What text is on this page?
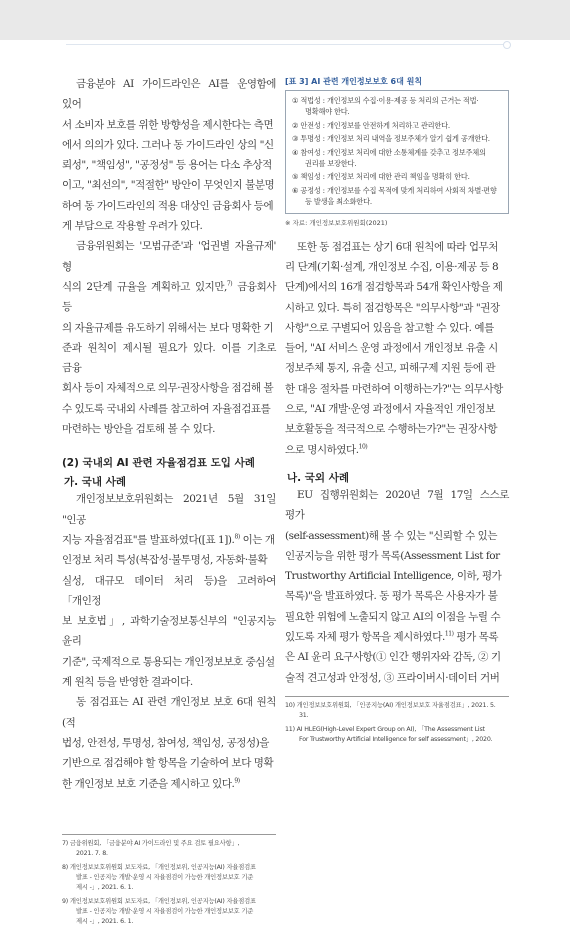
금융분야 AI 가이드라인은 AI를 운영함에 있어
서 소비자 보호를 위한 방향성을 제시한다는 측면
에서 의의가 있다. 그러나 동 가이드라인 상의 "신
뢰성", "책임성", "공정성" 등 용어는 다소 추상적
이고, "최선의", "적절한" 방안이 무엇인지 불분명
하여 동 가이드라인의 적용 대상인 금융회사 등에
게 부담으로 작용할 우려가 있다.

금융위원회는 '모범규준'과 '업권별 자율규제' 형
식의 2단계 규율을 계획하고 있지만,$^{7)}$ 금융회사 등
의 자율규제를 유도하기 위해서는 보다 명확한 기
준과 원칙이 제시될 필요가 있다. 이를 기초로 금융
회사 등이 자체적으로 의무·권장사항을 점검해 볼
수 있도록 국내외 사례를 참고하여 자율점검표를
마련하는 방안을 검토해 볼 수 있다.

(2) 국내외 AI 관련 자율점검표 도입 사례
가. 국내 사례

개인정보보호위원회는 2021년 5월 31일 "인공
지능 자율점검표"를 발표하였다([표 1]).$^{8)}$ 이는 개
인정보 처리 특성(복잡성·불투명성, 자동화·불확
실성, 대규모 데이터 처리 등)을 고려하여 「개인정
보 보호법」, 과학기술정보통신부의 "인공지능 윤리
기준", 국제적으로 통용되는 개인정보보호 중심설
계 원칙 등을 반영한 결과이다.

동 점검표는 AI 관련 개인정보 보호 6대 원칙(적
법성, 안전성, 투명성, 참여성, 책임성, 공정성)을
기반으로 점검해야 할 항목을 기술하여 보다 명확
한 개인정보 보호 기준을 제시하고 있다.$^{9)}$

7) 금융위원회, 「금융분야 AI 가이드라인 및 주요 검토 필요사항」,
2021. 7. 8.
8) 개인정보보호위원회 보도자료, 「개인정보위, 인공지능(AI) 자율점검표
발표 - 인공지능 개발·운영 시 자율점검이 가능한 개인정보보호 기준
제시 -」, 2021. 6. 1.
9) 개인정보보호위원회 보도자료, 「개인정보위, 인공지능(AI) 자율점검표
발표 - 인공지능 개발·운영 시 자율점검이 가능한 개인정보보호 기준
제시 -」, 2021. 6. 1.
[표 3] AI 관련 개인정보보호 6대 원칙
① 적법성 : 개인정보의 수집·이용·제공 등 처리의 근거는 적법·명확해야 한다.
② 안전성 : 개인정보를 안전하게 처리하고 관리한다.
③ 투명성 : 개인정보 처리 내역을 정보주체가 알기 쉽게 공개한다.
④ 참여성 : 개인정보 처리에 대한 소통체계를 갖추고 정보주체의 권리를 보장한다.
⑤ 책임성 : 개인정보 처리에 대한 관리 책임을 명확히 한다.
⑥ 공정성 : 개인정보를 수집 목적에 맞게 처리하여 사회적 차별·편향 등 발생을 최소화한다.
※ 자료: 개인정보보호위원회(2021)

또한 동 점검표는 상기 6대 원칙에 따라 업무처
리 단계(기획·설계, 개인정보 수집, 이용·제공 등 8
단계)에서의 16개 점검항목과 54개 확인사항을 제
시하고 있다. 특히 점검항목은 "의무사항"과 "권장
사항"으로 구별되어 있음을 참고할 수 있다. 예를
들어, "AI 서비스 운영 과정에서 개인정보 유출 시
정보주체 통지, 유출 신고, 피해구제 지원 등에 관
한 대응 절차를 마련하여 이행하는가?"는 의무사항
으로, "AI 개발·운영 과정에서 자율적인 개인정보
보호활동을 적극적으로 수행하는가?"는 권장사항
으로 명시하였다.$^{10)}$

나. 국외 사례

EU 집행위원회는 2020년 7월 17일 스스로 평가
(self-assessment)해 볼 수 있는 "신뢰할 수 있는
인공지능을 위한 평가 목록(Assessment List for
Trustworthy Artificial Intelligence, 이하, 평가
목록)"을 발표하였다. 동 평가 목록은 사용자가 불
필요한 위험에 노출되지 않고 AI의 이점을 누릴 수
있도록 자체 평가 항목을 제시하였다.$^{11)}$ 평가 목록
은 AI 윤리 요구사항(① 인간 행위자와 감독, ② 기
술적 견고성과 안정성, ③ 프라이버시·데이터 거버

10) 개인정보보호위원회, 「인공지능(AI) 개인정보보호 자율점검표」, 2021. 5.
31.
11) AI HLEG(High-Level Expert Group on AI), 「The Assessment List
For Trustworthy Artificial Intelligence for self assessment」, 2020.
